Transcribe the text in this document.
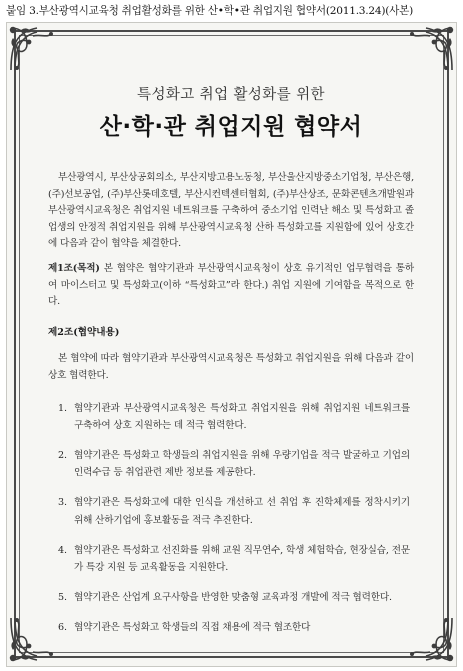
붙임 3.부산광역시교육청 취업활성화를 위한 산•학•관 취업지원 협약서(2011.3.24)(사본)
특성화고 취업 활성화를 위한
산·학·관 취업지원 협약서
부산광역시, 부산상공회의소, 부산지방고용노동청, 부산울산지방중소기업청, 부산은행, (주)선보공업, (주)부산롯데호텔, 부산시컨텍센터협회, (주)부산상조, 문화콘텐츠개발원과 부산광역시교육청은 취업지원 네트워크를 구축하여 중소기업 인력난 해소 및 특성화고 졸업생의 안정적 취업지원을 위해 부산광역시교육청 산하 특성화고를 지원함에 있어 상호간에 다음과 같이 협약을 체결한다.
제1조(목적) 본 협약은 협약기관과 부산광역시교육청이 상호 유기적인 업무협력을 통하여 마이스터고 및 특성화고(이하 “특성화고”라 한다.) 취업 지원에 기여함을 목적으로 한다.
제2조(협약내용)
본 협약에 따라 협약기관과 부산광역시교육청은 특성화고 취업지원을 위해 다음과 같이 상호 협력한다.
1. 협약기관과 부산광역시교육청은 특성화고 취업지원을 위해 취업지원 네트워크를 구축하여 상호 지원하는 데 적극 협력한다.
2. 협약기관은 특성화고 학생들의 취업지원을 위해 우량기업을 적극 발굴하고 기업의 인력수급 등 취업관련 제반 정보를 제공한다.
3. 협약기관은 특성화고에 대한 인식을 개선하고 선 취업 후 진학체제를 정착시키기 위해 산하기업에 홍보활동을 적극 추진한다.
4. 협약기관은 특성화고 선진화를 위해 교원 직무연수, 학생 체험학습, 현장실습, 전문가 특강 지원 등 교육활동을 지원한다.
5. 협약기관은 산업계 요구사항을 반영한 맞춤형 교육과정 개발에 적극 협력한다.
6. 협약기관은 특성화고 학생들의 직접 채용에 적극 협조한다
